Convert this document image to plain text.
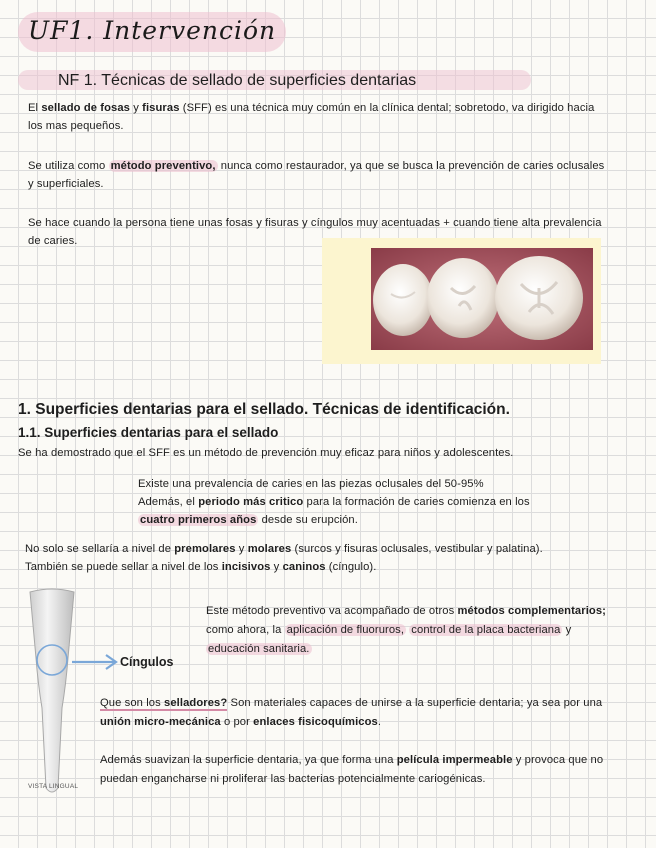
UF1. Intervención
NF 1. Técnicas de sellado de superficies dentarias
El sellado de fosas y fisuras (SFF) es una técnica muy común en la clínica dental; sobretodo, va dirigido hacia los mas pequeños.
Se utiliza como método preventivo, nunca como restaurador, ya que se busca la prevención de caries oclusales y superficiales.
Se hace cuando la persona tiene unas fosas y fisuras y cíngulos muy acentuadas + cuando tiene alta prevalencia de caries.
1. Superficies dentarias para el sellado. Técnicas de identificación.
1.1. Superficies dentarias para el sellado
Se ha demostrado que el SFF es un método de prevención muy eficaz para niños y adolescentes.
Existe una prevalencia de caries en las piezas oclusales del 50-95%
Además, el periodo más critico para la formación de caries comienza en los
cuatro primeros años desde su erupción.
No solo se sellaría a nivel de premolares y molares (surcos y fisuras oclusales, vestibular y palatina). También se puede sellar a nivel de los incisivos y caninos (cíngulo).
VISTA LINGUAL
Cíngulos
Este método preventivo va acompañado de otros métodos complementarios; como ahora, la aplicación de fluoruros, control de la placa bacteriana y educación sanitaria.
Que son los selladores? Son materiales capaces de unirse a la superficie dentaria; ya sea por una unión micro-mecánica o por enlaces fisicoquímicos.
Además suavizan la superficie dentaria, ya que forma una película impermeable y provoca que no puedan engancharse ni proliferar las bacterias potencialmente cariogénicas.
